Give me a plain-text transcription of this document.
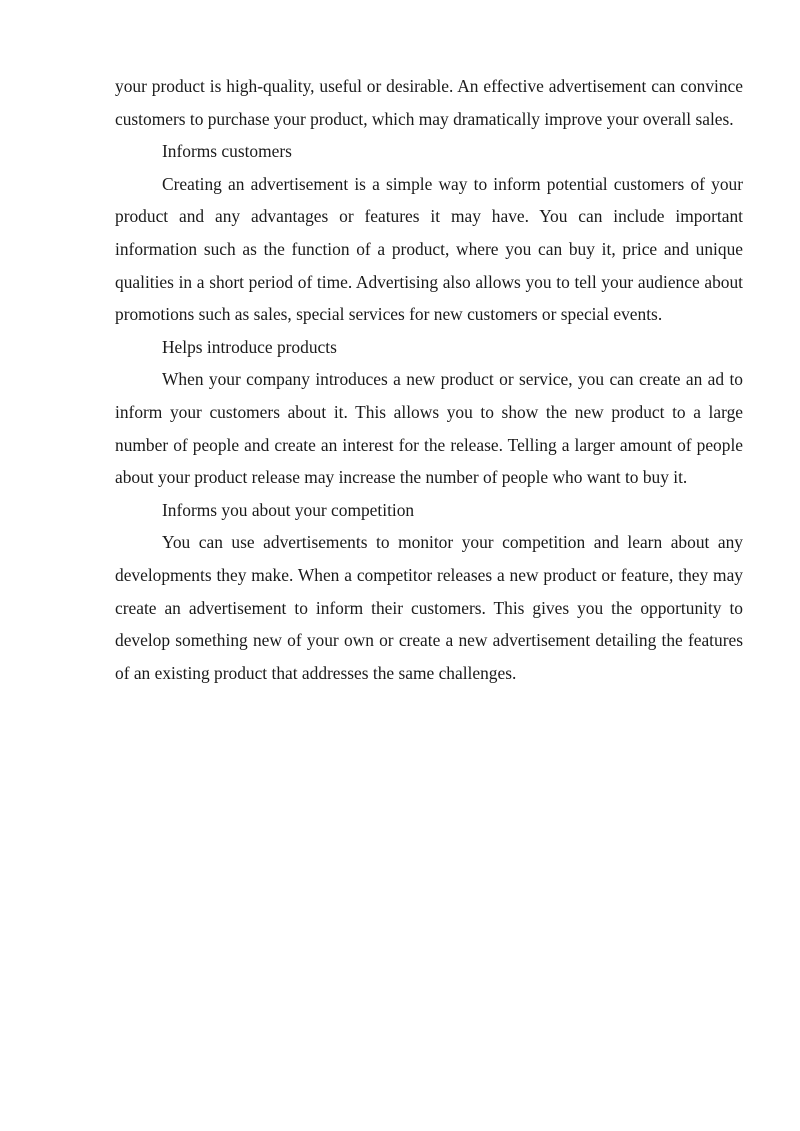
your product is high-quality, useful or desirable. An effective advertisement can convince customers to purchase your product, which may dramatically improve your overall sales.

Informs customers

Creating an advertisement is a simple way to inform potential customers of your product and any advantages or features it may have. You can include important information such as the function of a product, where you can buy it, price and unique qualities in a short period of time. Advertising also allows you to tell your audience about promotions such as sales, special services for new customers or special events.

Helps introduce products

When your company introduces a new product or service, you can create an ad to inform your customers about it. This allows you to show the new product to a large number of people and create an interest for the release. Telling a larger amount of people about your product release may increase the number of people who want to buy it.

Informs you about your competition

You can use advertisements to monitor your competition and learn about any developments they make. When a competitor releases a new product or feature, they may create an advertisement to inform their customers. This gives you the opportunity to develop something new of your own or create a new advertisement detailing the features of an existing product that addresses the same challenges.
